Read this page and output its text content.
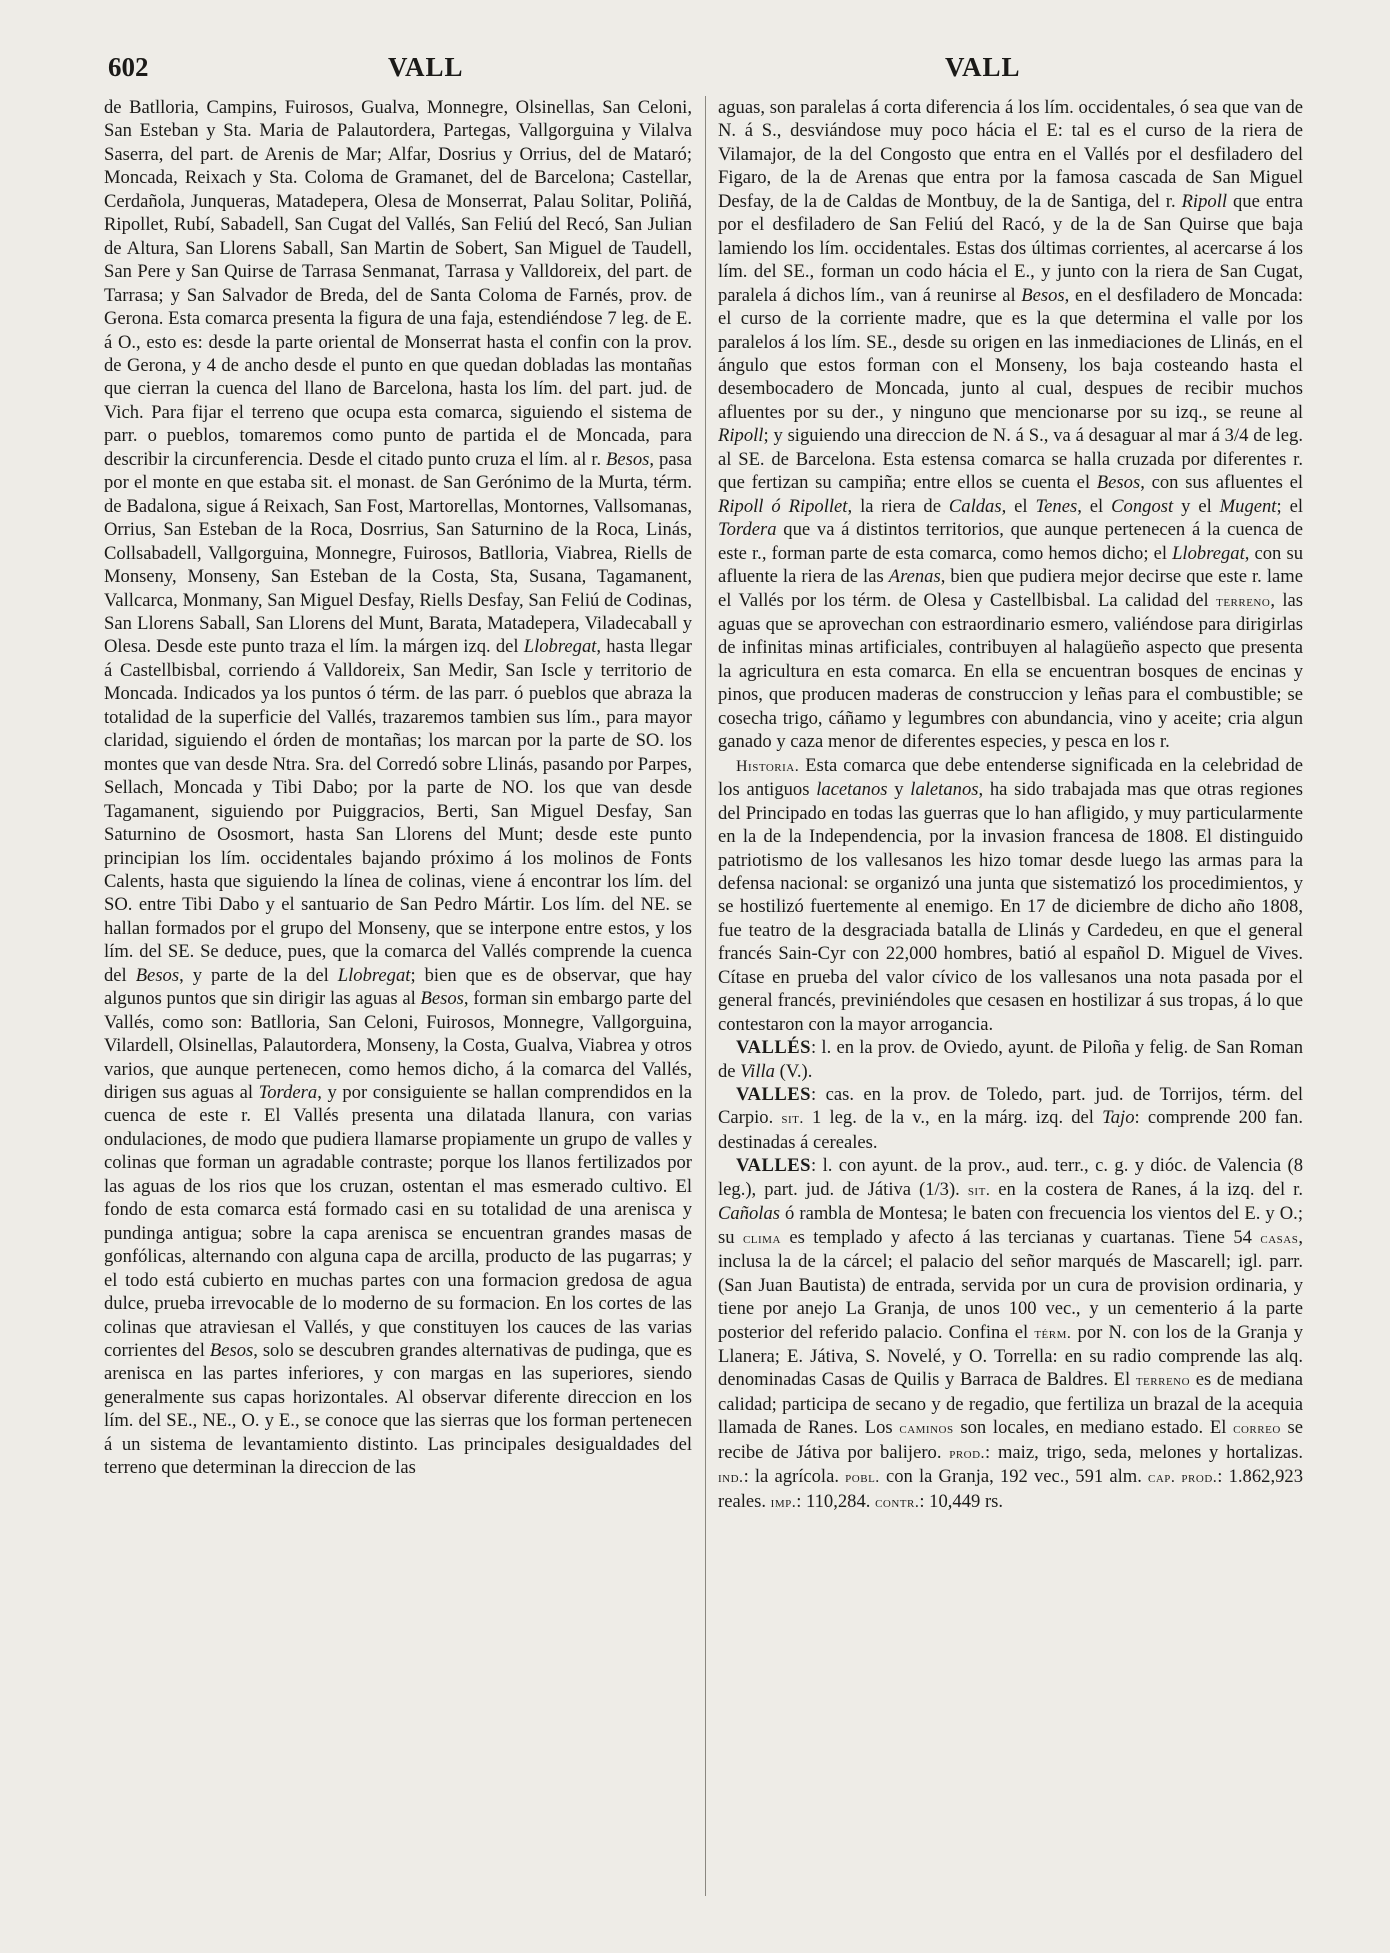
602	VALL	VALL

de Batlloria, Campins, Fuirosos, Gualva, Monnegre, Olsinellas, San Celoni, San Esteban y Sta. Maria de Palautordera, Partegas, Vallgorguina y Vilalva Saserra, del part. de Arenis de Mar; Alfar, Dosrius y Orrius, del de Mataró; Moncada, Reixach y Sta. Coloma de Gramanet, del de Barcelona; Castellar, Cerdañola, Junqueras, Matadepera, Olesa de Monserrat, Palau Solitar, Poliñá, Ripollet, Rubí, Sabadell, San Cugat del Vallés, San Feliú del Recó, San Julian de Altura, San Llorens Saball, San Martin de Sobert, San Miguel de Taudell, San Pere y San Quirse de Tarrasa Senmanat, Tarrasa y Valldoreix, del part. de Tarrasa; y San Salvador de Breda, del de Santa Coloma de Farnés, prov. de Gerona. Esta comarca presenta la figura de una faja, estendiéndose 7 leg. de E. á O., esto es: desde la parte oriental de Monserrat hasta el confin con la prov. de Gerona, y 4 de ancho desde el punto en que quedan dobladas las montañas que cierran la cuenca del llano de Barcelona, hasta los lím. del part. jud. de Vich. Para fijar el terreno que ocupa esta comarca, siguiendo el sistema de parr. o pueblos, tomaremos como punto de partida el de Moncada, para describir la circunferencia. Desde el citado punto cruza el lím. al r. Besos, pasa por el monte en que estaba sit. el monast. de San Gerónimo de la Murta, térm. de Badalona, sigue á Reixach, San Fost, Martorellas, Montornes, Vallsomanas, Orrius, San Esteban de la Roca, Dosrrius, San Saturnino de la Roca, Linás, Collsabadell, Vallgorguina, Monnegre, Fuirosos, Batlloria, Viabrea, Riells de Monseny, Monseny, San Esteban de la Costa, Sta, Susana, Tagamanent, Vallcarca, Monmany, San Miguel Desfay, Riells Desfay, San Feliú de Codinas, San Llorens Saball, San Llorens del Munt, Barata, Matadepera, Viladecaball y Olesa. Desde este punto traza el lím. la márgen izq. del Llobregat, hasta llegar á Castellbisbal, corriendo á Valldoreix, San Medir, San Iscle y territorio de Moncada. Indicados ya los puntos ó térm. de las parr. ó pueblos que abraza la totalidad de la superficie del Vallés, trazaremos tambien sus lím., para mayor claridad, siguiendo el órden de montañas; los marcan por la parte de SO. los montes que van desde Ntra. Sra. del Corredó sobre Llinás, pasando por Parpes, Sellach, Moncada y Tibi Dabo; por la parte de NO. los que van desde Tagamanent, siguiendo por Puiggracios, Berti, San Miguel Desfay, San Saturnino de Ososmort, hasta San Llorens del Munt; desde este punto principian los lím. occidentales bajando próximo á los molinos de Fonts Calents, hasta que siguiendo la línea de colinas, viene á encontrar los lím. del SO. entre Tibi Dabo y el santuario de San Pedro Mártir. Los lím. del NE. se hallan formados por el grupo del Monseny, que se interpone entre estos, y los lím. del SE. Se deduce, pues, que la comarca del Vallés comprende la cuenca del Besos, y parte de la del Llobregat; bien que es de observar, que hay algunos puntos que sin dirigir las aguas al Besos, forman sin embargo parte del Vallés, como son: Batlloria, San Celoni, Fuirosos, Monnegre, Vallgorguina, Vilardell, Olsinellas, Palautordera, Monseny, la Costa, Gualva, Viabrea y otros varios, que aunque pertenecen, como hemos dicho, á la comarca del Vallés, dirigen sus aguas al Tordera, y por consiguiente se hallan comprendidos en la cuenca de este r. El Vallés presenta una dilatada llanura, con varias ondulaciones, de modo que pudiera llamarse propiamente un grupo de valles y colinas que forman un agradable contraste; porque los llanos fertilizados por las aguas de los rios que los cruzan, ostentan el mas esmerado cultivo. El fondo de esta comarca está formado casi en su totalidad de una arenisca y pundinga antigua; sobre la capa arenisca se encuentran grandes masas de gonfólicas, alternando con alguna capa de arcilla, producto de las pugarras; y el todo está cubierto en muchas partes con una formacion gredosa de agua dulce, prueba irrevocable de lo moderno de su formacion. En los cortes de las colinas que atraviesan el Vallés, y que constituyen los cauces de las varias corrientes del Besos, solo se descubren grandes alternativas de pudinga, que es arenisca en las partes inferiores, y con margas en las superiores, siendo generalmente sus capas horizontales. Al observar diferente direccion en los lím. del SE., NE., O. y E., se conoce que las sierras que los forman pertenecen á un sistema de levantamiento distinto. Las principales desigualdades del terreno que determinan la direccion de las

aguas, son paralelas á corta diferencia á los lím. occidentales, ó sea que van de N. á S., desviándose muy poco hácia el E: tal es el curso de la riera de Vilamajor, de la del Congosto que entra en el Vallés por el desfiladero del Figaro, de la de Arenas que entra por la famosa cascada de San Miguel Desfay, de la de Caldas de Montbuy, de la de Santiga, del r. Ripoll que entra por el desfiladero de San Feliú del Racó, y de la de San Quirse que baja lamiendo los lím. occidentales. Estas dos últimas corrientes, al acercarse á los lím. del SE., forman un codo hácia el E., y junto con la riera de San Cugat, paralela á dichos lím., van á reunirse al Besos, en el desfiladero de Moncada: el curso de la corriente madre, que es la que determina el valle por los paralelos á los lím. SE., desde su origen en las inmediaciones de Llinás, en el ángulo que estos forman con el Monseny, los baja costeando hasta el desembocadero de Moncada, junto al cual, despues de recibir muchos afluentes por su der., y ninguno que mencionarse por su izq., se reune al Ripoll; y siguiendo una direccion de N. á S., va á desaguar al mar á 3/4 de leg. al SE. de Barcelona. Esta estensa comarca se halla cruzada por diferentes r. que fertizan su campiña; entre ellos se cuenta el Besos, con sus afluentes el Ripoll ó Ripollet, la riera de Caldas, el Tenes, el Congost y el Mugent; el Tordera que va á distintos territorios, que aunque pertenecen á la cuenca de este r., forman parte de esta comarca, como hemos dicho; el Llobregat, con su afluente la riera de las Arenas, bien que pudiera mejor decirse que este r. lame el Vallés por los térm. de Olesa y Castellbisbal. La calidad del terreno, las aguas que se aprovechan con estraordinario esmero, valiéndose para dirigirlas de infinitas minas artificiales, contribuyen al halagüeño aspecto que presenta la agricultura en esta comarca. En ella se encuentran bosques de encinas y pinos, que producen maderas de construccion y leñas para el combustible; se cosecha trigo, cáñamo y legumbres con abundancia, vino y aceite; cria algun ganado y caza menor de diferentes especies, y pesca en los r.

Historia. Esta comarca que debe entenderse significada en la celebridad de los antiguos lacetanos y laletanos, ha sido trabajada mas que otras regiones del Principado en todas las guerras que lo han afligido, y muy particularmente en la de la Independencia, por la invasion francesa de 1808. El distinguido patriotismo de los vallesanos les hizo tomar desde luego las armas para la defensa nacional: se organizó una junta que sistematizó los procedimientos, y se hostilizó fuertemente al enemigo. En 17 de diciembre de dicho año 1808, fue teatro de la desgraciada batalla de Llinás y Cardedeu, en que el general francés Sain-Cyr con 22,000 hombres, batió al español D. Miguel de Vives. Cítase en prueba del valor cívico de los vallesanos una nota pasada por el general francés, previniéndoles que cesasen en hostilizar á sus tropas, á lo que contestaron con la mayor arrogancia.

VALLÉS: l. en la prov. de Oviedo, ayunt. de Piloña y felig. de San Roman de Villa (V.).

VALLES: cas. en la prov. de Toledo, part. jud. de Torrijos, térm. del Carpio. sit. 1 leg. de la v., en la márg. izq. del Tajo: comprende 200 fan. destinadas á cereales.

VALLES: l. con ayunt. de la prov., aud. terr., c. g. y dióc. de Valencia (8 leg.), part. jud. de Játiva (1/3). sit. en la costera de Ranes, á la izq. del r. Cañolas ó rambla de Montesa; le baten con frecuencia los vientos del E. y O.; su clima es templado y afecto á las tercianas y cuartanas. Tiene 54 casas, inclusa la de la cárcel; el palacio del señor marqués de Mascarell; igl. parr. (San Juan Bautista) de entrada, servida por un cura de provision ordinaria, y tiene por anejo La Granja, de unos 100 vec., y un cementerio á la parte posterior del referido palacio. Confina el térm. por N. con los de la Granja y Llanera; E. Játiva, S. Novelé, y O. Torrella: en su radio comprende las alq. denominadas Casas de Quilis y Barraca de Baldres. El terreno es de mediana calidad; participa de secano y de regadio, que fertiliza un brazal de la acequia llamada de Ranes. Los caminos son locales, en mediano estado. El correo se recibe de Játiva por balijero. prod.: maiz, trigo, seda, melones y hortalizas. ind.: la agrícola. pobl. con la Granja, 192 vec., 591 alm. cap. prod.: 1.862,923 reales. imp.: 110,284. contr.: 10,449 rs.
